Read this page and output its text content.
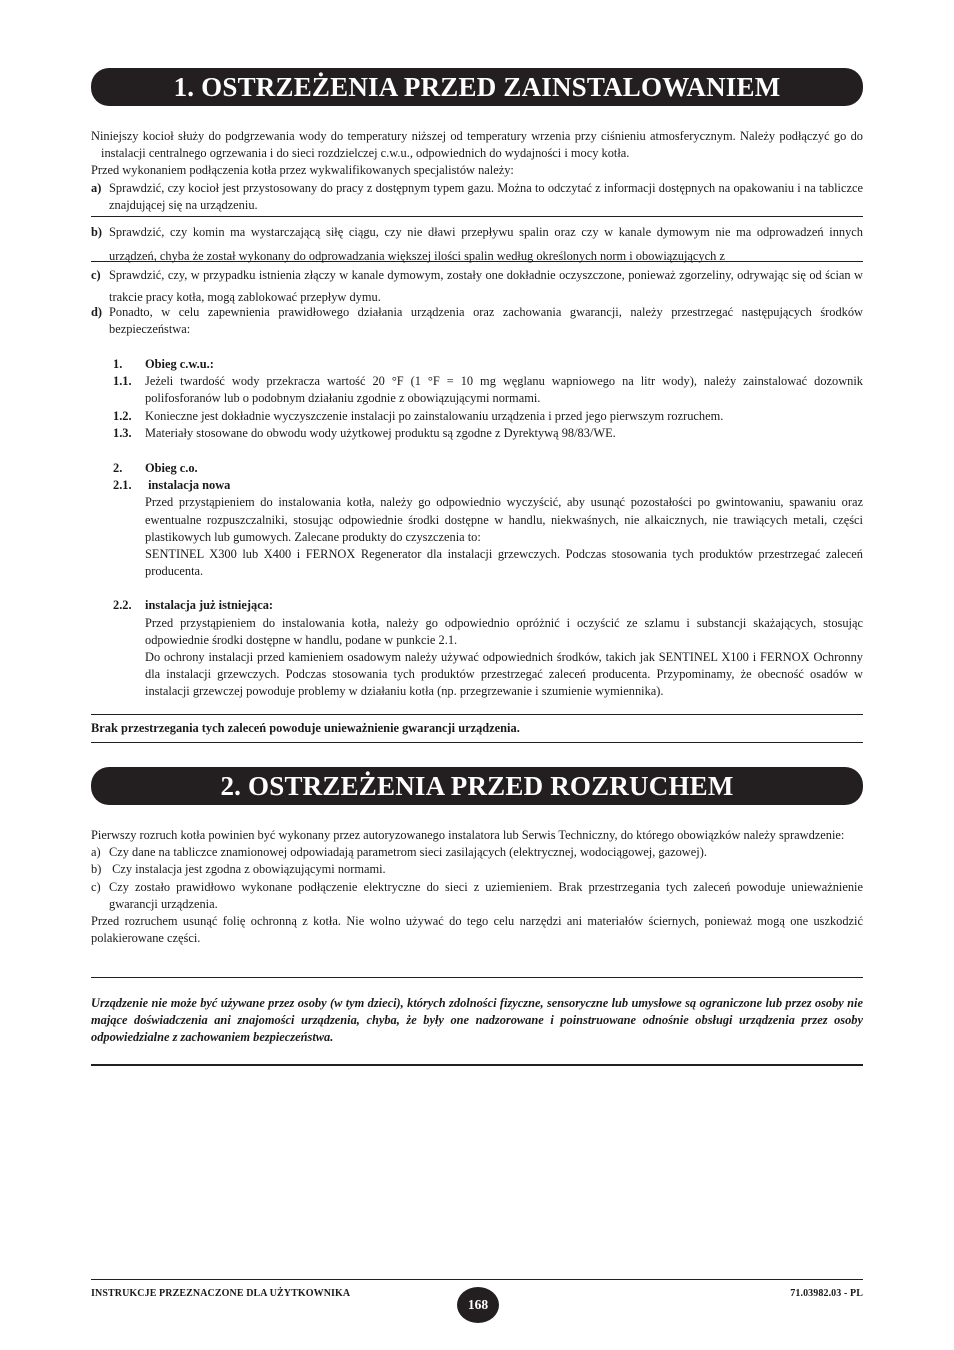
1. OSTRZEŻENIA PRZED ZAINSTALOWANIEM

Niniejszy kocioł służy do podgrzewania wody do temperatury niższej od temperatury wrzenia przy ciśnieniu atmosferycznym. Należy podłączyć go do instalacji centralnego ogrzewania i do sieci rozdzielczej c.w.u., odpowiednich do wydajności i mocy kotła.

Przed wykonaniem podłączenia kotła przez wykwalifikowanych specjalistów należy:

a) Sprawdzić, czy kocioł jest przystosowany do pracy z dostępnym typem gazu. Można to odczytać z informacji dostępnych na opakowaniu i na tabliczce znajdującej się na urządzeniu.
b) Sprawdzić, czy komin ma wystarczającą siłę ciągu, czy nie dławi przepływu spalin oraz czy w kanale dymowym nie ma odprowadzeń innych urządzeń, chyba że został wykonany do odprowadzania większej ilości spalin według określonych norm i obowiązujących z
c) Sprawdzić, czy, w przypadku istnienia złączy w kanale dymowym, zostały one dokładnie oczyszczone, ponieważ zgorzeliny, odrywając się od ścian w trakcie pracy kotła, mogą zablokować przepływ dymu.
d) Ponadto, w celu zapewnienia prawidłowego działania urządzenia oraz zachowania gwarancji, należy przestrzegać następujących środków bezpieczeństwa:
1.	Obieg c.w.u.:
1.1.	Jeżeli twardość wody przekracza wartość 20 °F (1 °F = 10 mg węglanu wapniowego na litr wody), należy zainstalować dozownik polifosforanów lub o podobnym działaniu zgodnie z obowiązującymi normami.
1.2.	Konieczne jest dokładnie wyczyszczenie instalacji po zainstalowaniu urządzenia i przed jego pierwszym rozruchem.
1.3.	Materiały stosowane do obwodu wody użytkowej produktu są zgodne z Dyrektywą 98/83/WE.
2.	Obieg c.o.
2.1.	instalacja nowa

Przed przystąpieniem do instalowania kotła, należy go odpowiednio wyczyścić, aby usunąć pozostałości po gwintowaniu, spawaniu oraz ewentualne rozpuszczalniki, stosując odpowiednie środki dostępne w handlu, niekwaśnych, nie alkaicznych, nie trawiących metali, części plastikowych lub gumowych. Zalecane produkty do czyszczenia to:

SENTINEL X300 lub X400 i FERNOX Regenerator dla instalacji grzewczych. Podczas stosowania tych produktów przestrzegać zaleceń producenta.

2.2.	instalacja już istniejąca:

Przed przystąpieniem do instalowania kotła, należy go odpowiednio opróżnić i oczyścić ze szlamu i substancji skażających, stosując odpowiednie środki dostępne w handlu, podane w punkcie 2.1.

Do ochrony instalacji przed kamieniem osadowym należy używać odpowiednich środków, takich jak SENTINEL X100 i FERNOX Ochronny dla instalacji grzewczych. Podczas stosowania tych produktów przestrzegać zaleceń producenta. Przypominamy, że obecność osadów w instalacji grzewczej powoduje problemy w działaniu kotła (np. przegrzewanie i szumienie wymiennika).

Brak przestrzegania tych zaleceń powoduje unieważnienie gwarancji urządzenia.
2. OSTRZEŻENIA PRZED ROZRUCHEM

Pierwszy rozruch kotła powinien być wykonany przez autoryzowanego instalatora lub Serwis Techniczny, do którego obowiązków należy sprawdzenie:

a) Czy dane na tabliczce znamionowej odpowiadają parametrom sieci zasilających (elektrycznej, wodociągowej, gazowej).
b) Czy instalacja jest zgodna z obowiązującymi normami.
c) Czy zostało prawidłowo wykonane podłączenie elektryczne do sieci z uziemieniem. Brak przestrzegania tych zaleceń powoduje unieważnienie gwarancji urządzenia.

Przed rozruchem usunąć folię ochronną z kotła. Nie wolno używać do tego celu narzędzi ani materiałów ściernych, ponieważ mogą one uszkodzić polakierowane części.

Urządzenie nie może być używane przez osoby (w tym dzieci), których zdolności fizyczne, sensoryczne lub umysłowe są ograniczone lub przez osoby nie mające doświadczenia ani znajomości urządzenia, chyba, że były one nadzorowane i poinstruowane odnośnie obsługi urządzenia przez osoby odpowiedzialne z zachowaniem bezpieczeństwa.
INSTRUKCJE PRZEZNACZONE DLA UŻYTKOWNIKA
168
71.03982.03 - PL
